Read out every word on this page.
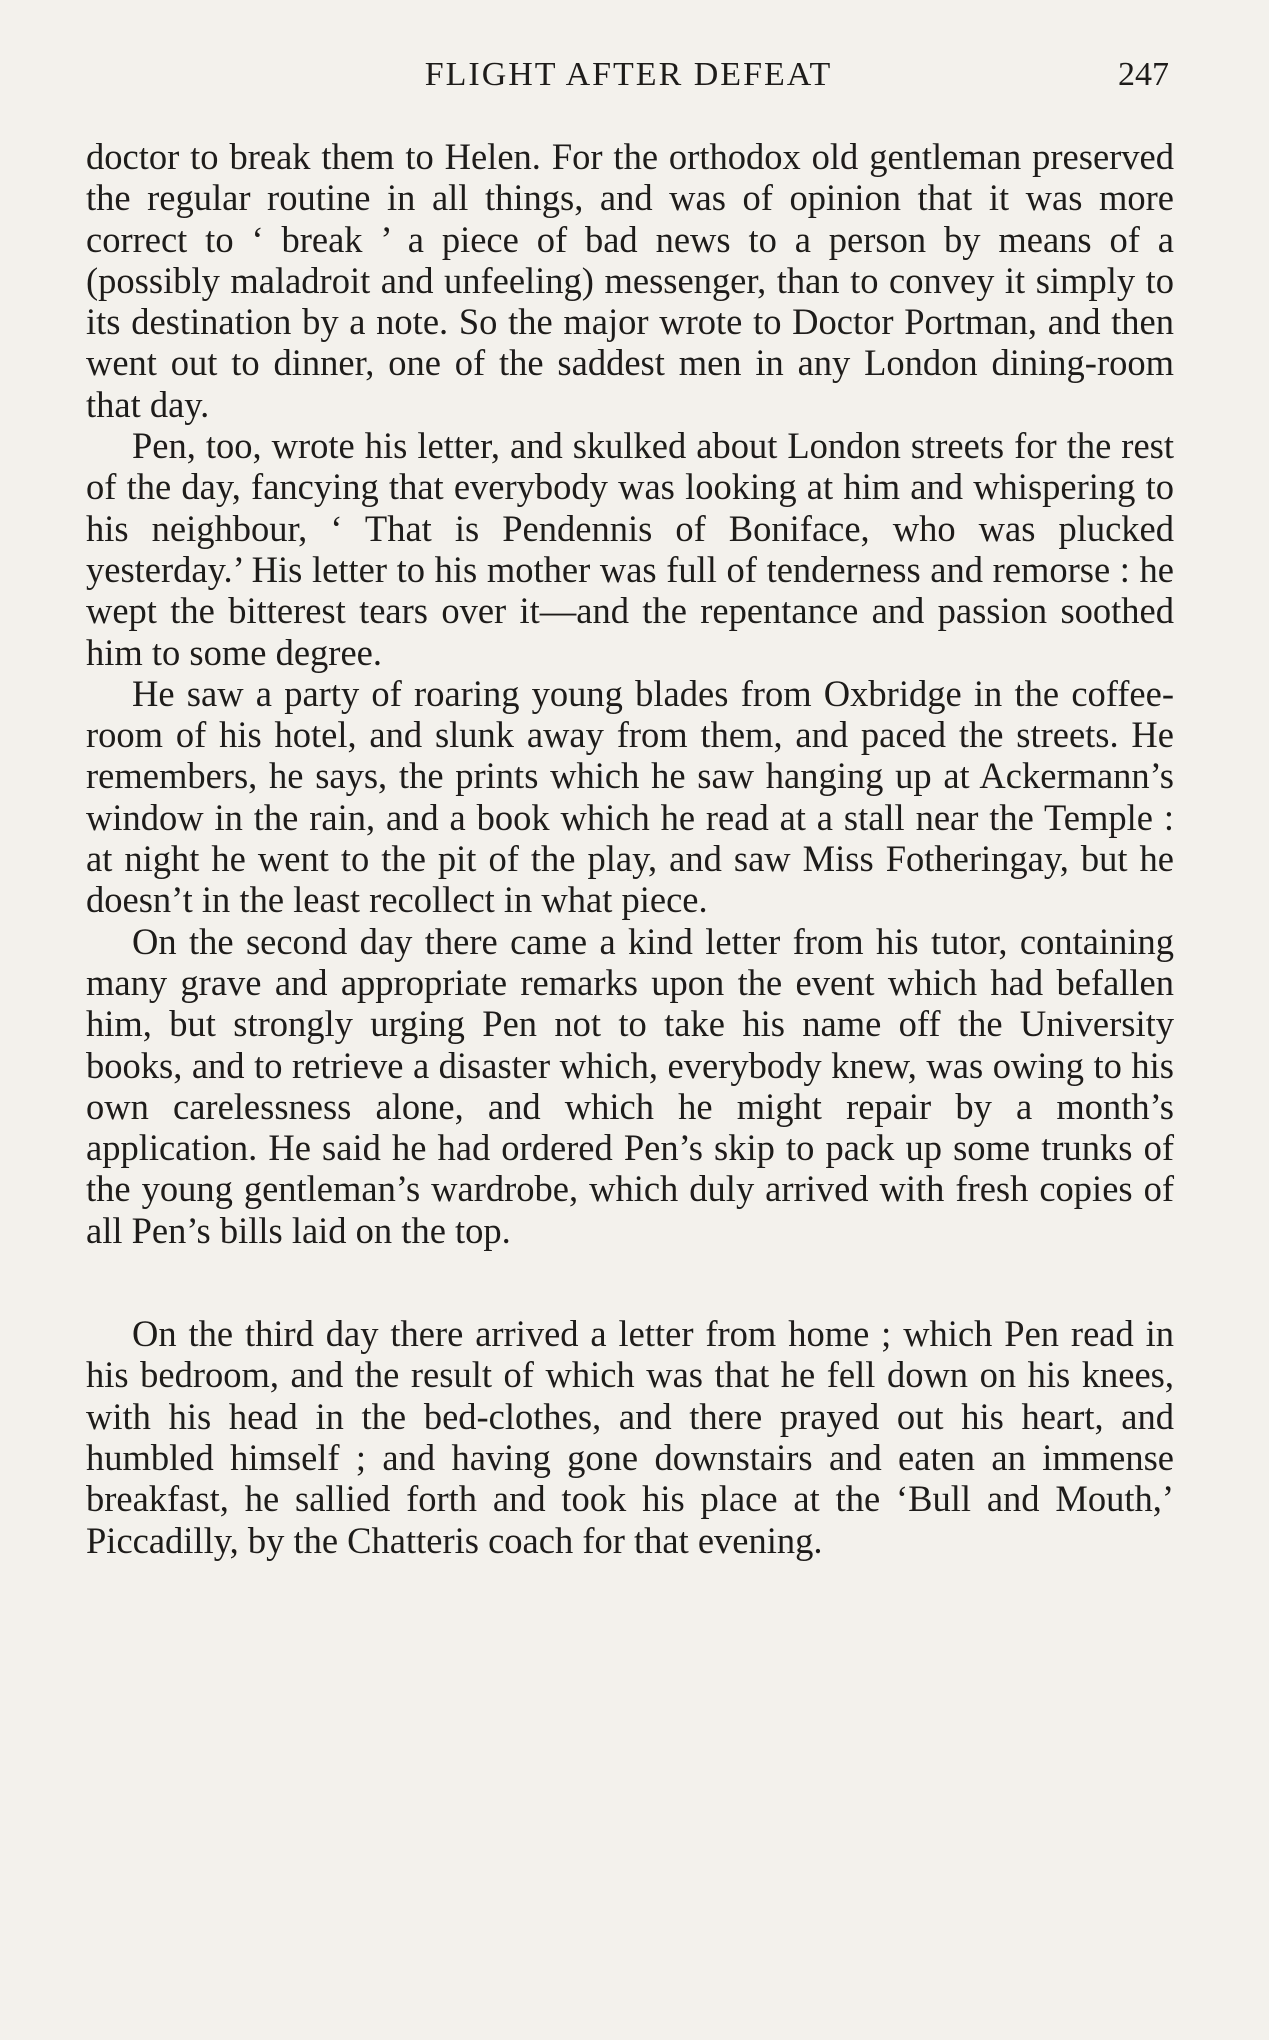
FLIGHT AFTER DEFEAT	247

doctor to break them to Helen. For the orthodox old gentleman preserved the regular routine in all things, and was of opinion that it was more correct to ‘ break ’ a piece of bad news to a person by means of a (possibly maladroit and unfeeling) messenger, than to convey it simply to its destination by a note. So the major wrote to Doctor Portman, and then went out to dinner, one of the saddest men in any London dining-room that day.

Pen, too, wrote his letter, and skulked about London streets for the rest of the day, fancying that everybody was looking at him and whispering to his neighbour, ‘ That is Pendennis of Boniface, who was plucked yesterday.’ His letter to his mother was full of tenderness and remorse : he wept the bitterest tears over it—and the repentance and passion soothed him to some degree.

He saw a party of roaring young blades from Oxbridge in the coffee-room of his hotel, and slunk away from them, and paced the streets. He remembers, he says, the prints which he saw hanging up at Ackermann’s window in the rain, and a book which he read at a stall near the Temple : at night he went to the pit of the play, and saw Miss Fotheringay, but he doesn’t in the least recollect in what piece.

On the second day there came a kind letter from his tutor, containing many grave and appropriate remarks upon the event which had befallen him, but strongly urging Pen not to take his name off the University books, and to retrieve a disaster which, everybody knew, was owing to his own carelessness alone, and which he might repair by a month’s application. He said he had ordered Pen’s skip to pack up some trunks of the young gentleman’s wardrobe, which duly arrived with fresh copies of all Pen’s bills laid on the top.

On the third day there arrived a letter from home ; which Pen read in his bedroom, and the result of which was that he fell down on his knees, with his head in the bed-clothes, and there prayed out his heart, and humbled himself ; and having gone downstairs and eaten an immense breakfast, he sallied forth and took his place at the ‘Bull and Mouth,’ Piccadilly, by the Chatteris coach for that evening.
